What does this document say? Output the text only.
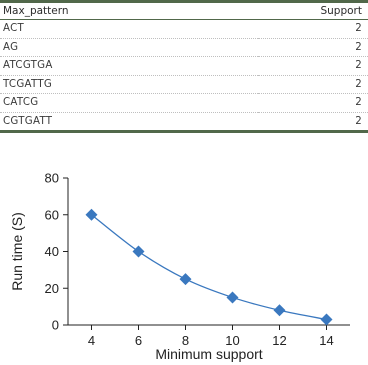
Max_pattern	Support
ACT	2
AG	2
ATCGTGA	2
TCGATTG	2
CATCG	2
CGTGATT	2
0
20
40
60
80
4	6	8	10	12	14
Run time (S)
Minimum support
